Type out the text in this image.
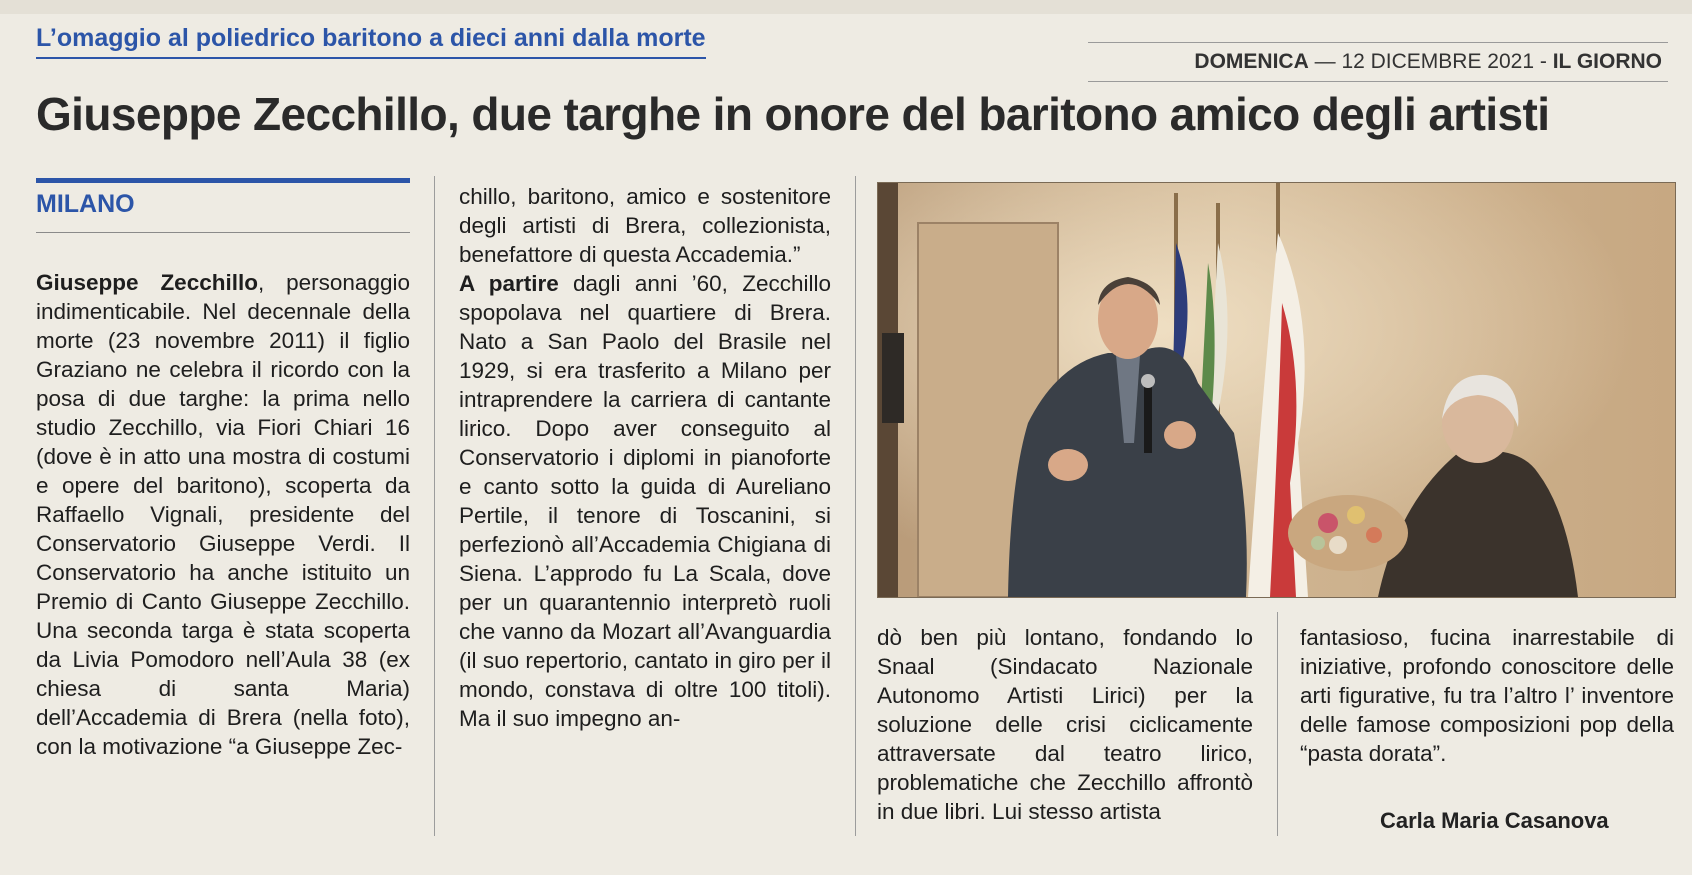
L’omaggio al poliedrico baritono a dieci anni dalla morte
DOMENICA — 12 DICEMBRE 2021 - IL GIORNO
Giuseppe Zecchillo, due targhe in onore del baritono amico degli artisti
MILANO
Giuseppe Zecchillo, personaggio indimenticabile. Nel decennale della morte (23 novembre 2011) il figlio Graziano ne celebra il ricordo con la posa di due targhe: la prima nello studio Zecchillo, via Fiori Chiari 16 (dove è in atto una mostra di costumi e opere del baritono), scoperta da Raffaello Vignali, presidente del Conservatorio Giuseppe Verdi. Il Conservatorio ha anche istituito un Premio di Canto Giuseppe Zecchillo. Una seconda targa è stata scoperta da Livia Pomodoro nell’Aula 38 (ex chiesa di santa Maria) dell’Accademia di Brera (nella foto), con la motivazione “a Giuseppe Zec-
chillo, baritono, amico e sostenitore degli artisti di Brera, collezionista, benefattore di questa Accademia.”
A partire dagli anni ’60, Zecchillo spopolava nel quartiere di Brera. Nato a San Paolo del Brasile nel 1929, si era trasferito a Milano per intraprendere la carriera di cantante lirico. Dopo aver conseguito al Conservatorio i diplomi in pianoforte e canto sotto la guida di Aureliano Pertile, il tenore di Toscanini, si perfezionò all’Accademia Chigiana di Siena. L’approdo fu La Scala, dove per un quarantennio interpretò ruoli che vanno da Mozart all’Avanguardia (il suo repertorio, cantato in giro per il mondo, constava di oltre 100 titoli). Ma il suo impegno an-
dò ben più lontano, fondando lo Snaal (Sindacato Nazionale Autonomo Artisti Lirici) per la soluzione delle crisi ciclicamente attraversate dal teatro lirico, problematiche che Zecchillo affrontò in due libri. Lui stesso artista
fantasioso, fucina inarrestabile di iniziative, profondo conoscitore delle arti figurative, fu tra l’altro l’ inventore delle famose composizioni pop della “pasta dorata”.
Carla Maria Casanova
